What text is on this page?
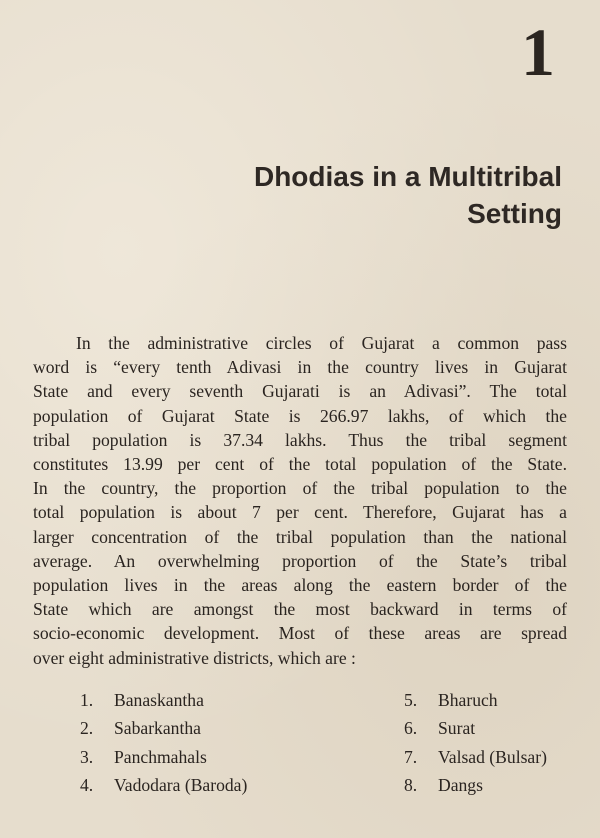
1
Dhodias in a Multitribal
Setting
In the administrative circles of Gujarat a common pass
word is “every tenth Adivasi in the country lives in Gujarat
State and every seventh Gujarati is an Adivasi”. The total
population of Gujarat State is 266.97 lakhs, of which the
tribal population is 37.34 lakhs. Thus the tribal segment
constitutes 13.99 per cent of the total population of the State.
In the country, the proportion of the tribal population to the
total population is about 7 per cent. Therefore, Gujarat has a
larger concentration of the tribal population than the national
average. An overwhelming proportion of the State’s tribal
population lives in the areas along the eastern border of the
State which are amongst the most backward in terms of
socio-economic development. Most of these areas are spread
over eight administrative districts, which are :
1.	Banaskantha
2.	Sabarkantha
3.	Panchmahals
4.	Vadodara (Baroda)
5.	Bharuch
6.	Surat
7.	Valsad (Bulsar)
8.	Dangs
